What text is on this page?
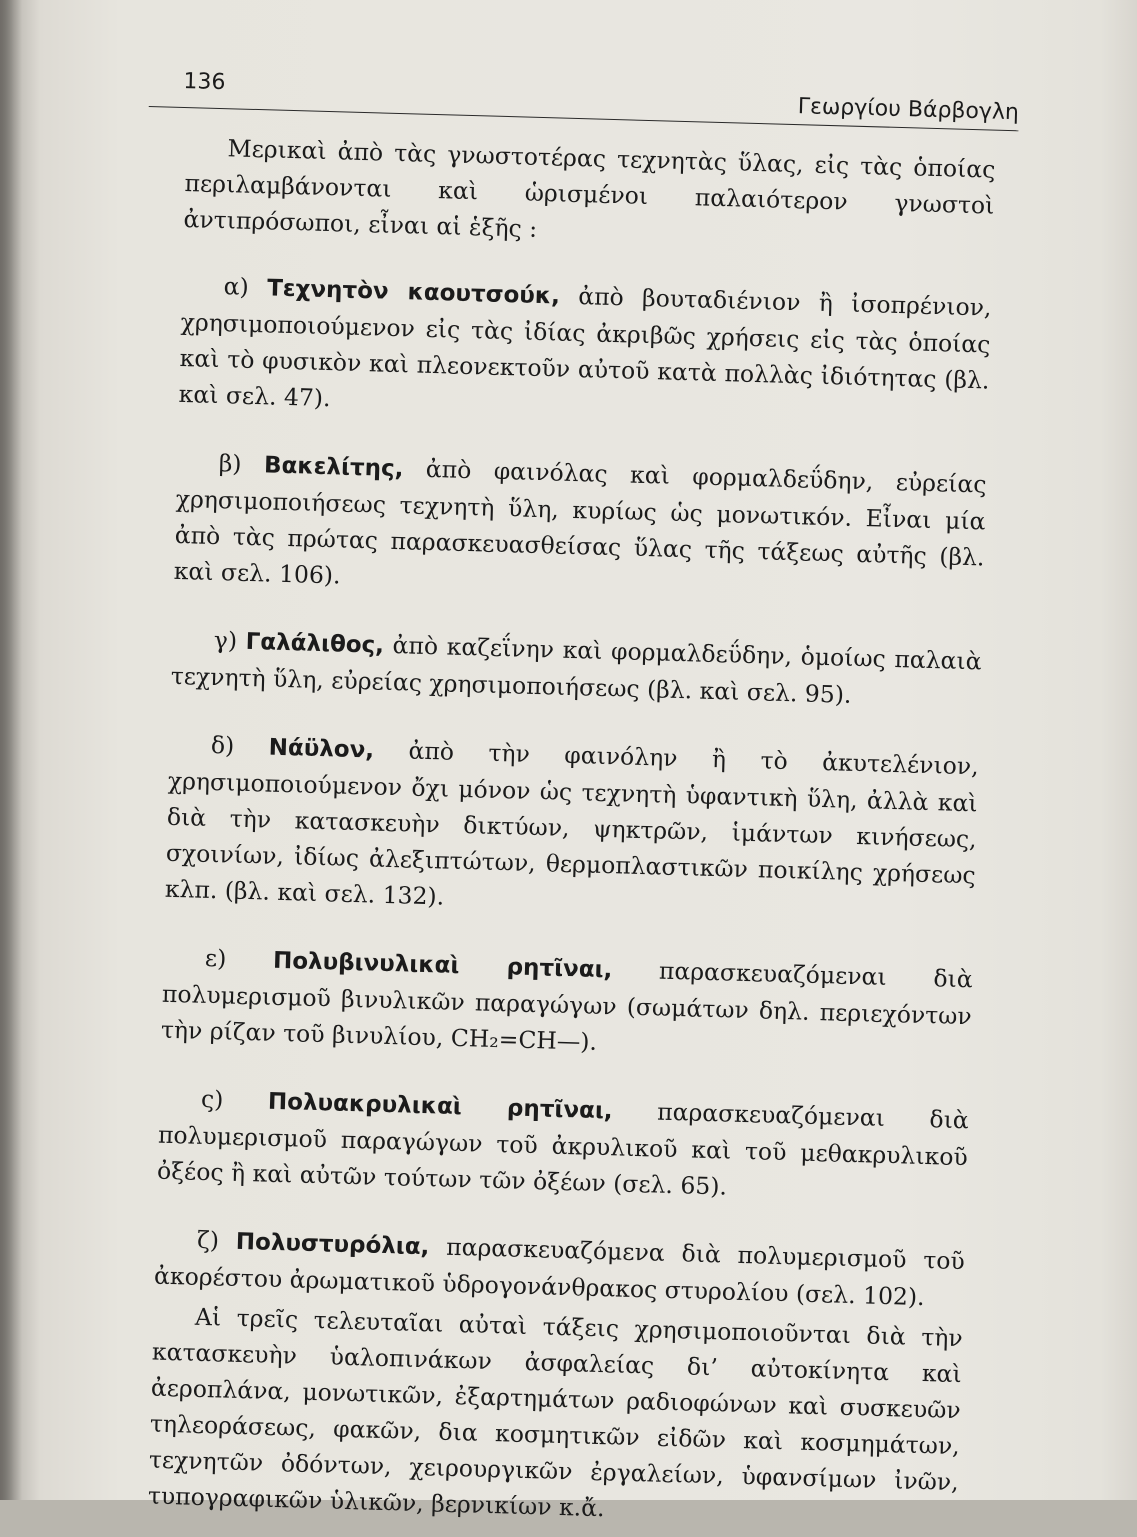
136
Γεωργίου Βάρβογλη

Μερικαὶ ἀπὸ τὰς γνωστοτέρας τεχνητὰς ὕλας, εἰς τὰς ὁποίας περιλαμβάνονται καὶ ὡρισμένοι παλαιότερον γνωστοὶ ἀντιπρόσωποι, εἶναι αἱ ἑξῆς :

α) Τεχνητὸν καουτσούκ, ἀπὸ βουταδιένιον ἢ ἰσοπρένιον, χρησιμοποιούμενον εἰς τὰς ἰδίας ἀκριβῶς χρήσεις εἰς τὰς ὁποίας καὶ τὸ φυσικὸν καὶ πλεονεκτοῦν αὐτοῦ κατὰ πολλὰς ἰδιότητας (βλ. καὶ σελ. 47).

β) Βακελίτης, ἀπὸ φαινόλας καὶ φορμαλδεΰδην, εὐρείας χρησιμοποιήσεως τεχνητὴ ὕλη, κυρίως ὡς μονωτικόν. Εἶναι μία ἀπὸ τὰς πρώτας παρασκευασθείσας ὕλας τῆς τάξεως αὐτῆς (βλ. καὶ σελ. 106).

γ) Γαλάλιθος, ἀπὸ καζεΐνην καὶ φορμαλδεΰδην, ὁμοίως παλαιὰ τεχνητὴ ὕλη, εὐρείας χρησιμοποιήσεως (βλ. καὶ σελ. 95).

δ) Νάϋλον, ἀπὸ τὴν φαινόλην ἢ τὸ ἀκυτελένιον, χρησιμοποιούμενον ὄχι μόνον ὡς τεχνητὴ ὑφαντικὴ ὕλη, ἀλλὰ καὶ διὰ τὴν κατασκευὴν δικτύων, ψηκτρῶν, ἱμάντων κινήσεως, σχοινίων, ἰδίως ἀλεξιπτώτων, θερμοπλαστικῶν ποικίλης χρήσεως κλπ. (βλ. καὶ σελ. 132).

ε) Πολυβινυλικαὶ ρητῖναι, παρασκευαζόμεναι διὰ πολυμερισμοῦ βινυλικῶν παραγώγων (σωμάτων δηλ. περιεχόντων τὴν ρίζαν τοῦ βινυλίου, CH₂=CH—).

ς) Πολυακρυλικαὶ ρητῖναι, παρασκευαζόμεναι διὰ πολυμερισμοῦ παραγώγων τοῦ ἀκρυλικοῦ καὶ τοῦ μεθακρυλικοῦ ὀξέος ἢ καὶ αὐτῶν τούτων τῶν ὀξέων (σελ. 65).

ζ) Πολυστυρόλια, παρασκευαζόμενα διὰ πολυμερισμοῦ τοῦ ἀκορέστου ἀρωματικοῦ ὑδρογονάνθρακος στυρολίου (σελ. 102).

Αἱ τρεῖς τελευταῖαι αὐταὶ τάξεις χρησιμοποιοῦνται διὰ τὴν κατασκευὴν ὑαλοπινάκων ἀσφαλείας δι’ αὐτοκίνητα καὶ ἀεροπλάνα, μονωτικῶν, ἐξαρτημάτων ραδιοφώνων καὶ συσκευῶν τηλεοράσεως, φακῶν, δια κοσμητικῶν εἰδῶν καὶ κοσμημάτων, τεχνητῶν ὀδόντων, χειρουργικῶν ἐργαλείων, ὑφανσίμων ἰνῶν, τυπογραφικῶν ὑλικῶν, βερνικίων κ.ἄ.
